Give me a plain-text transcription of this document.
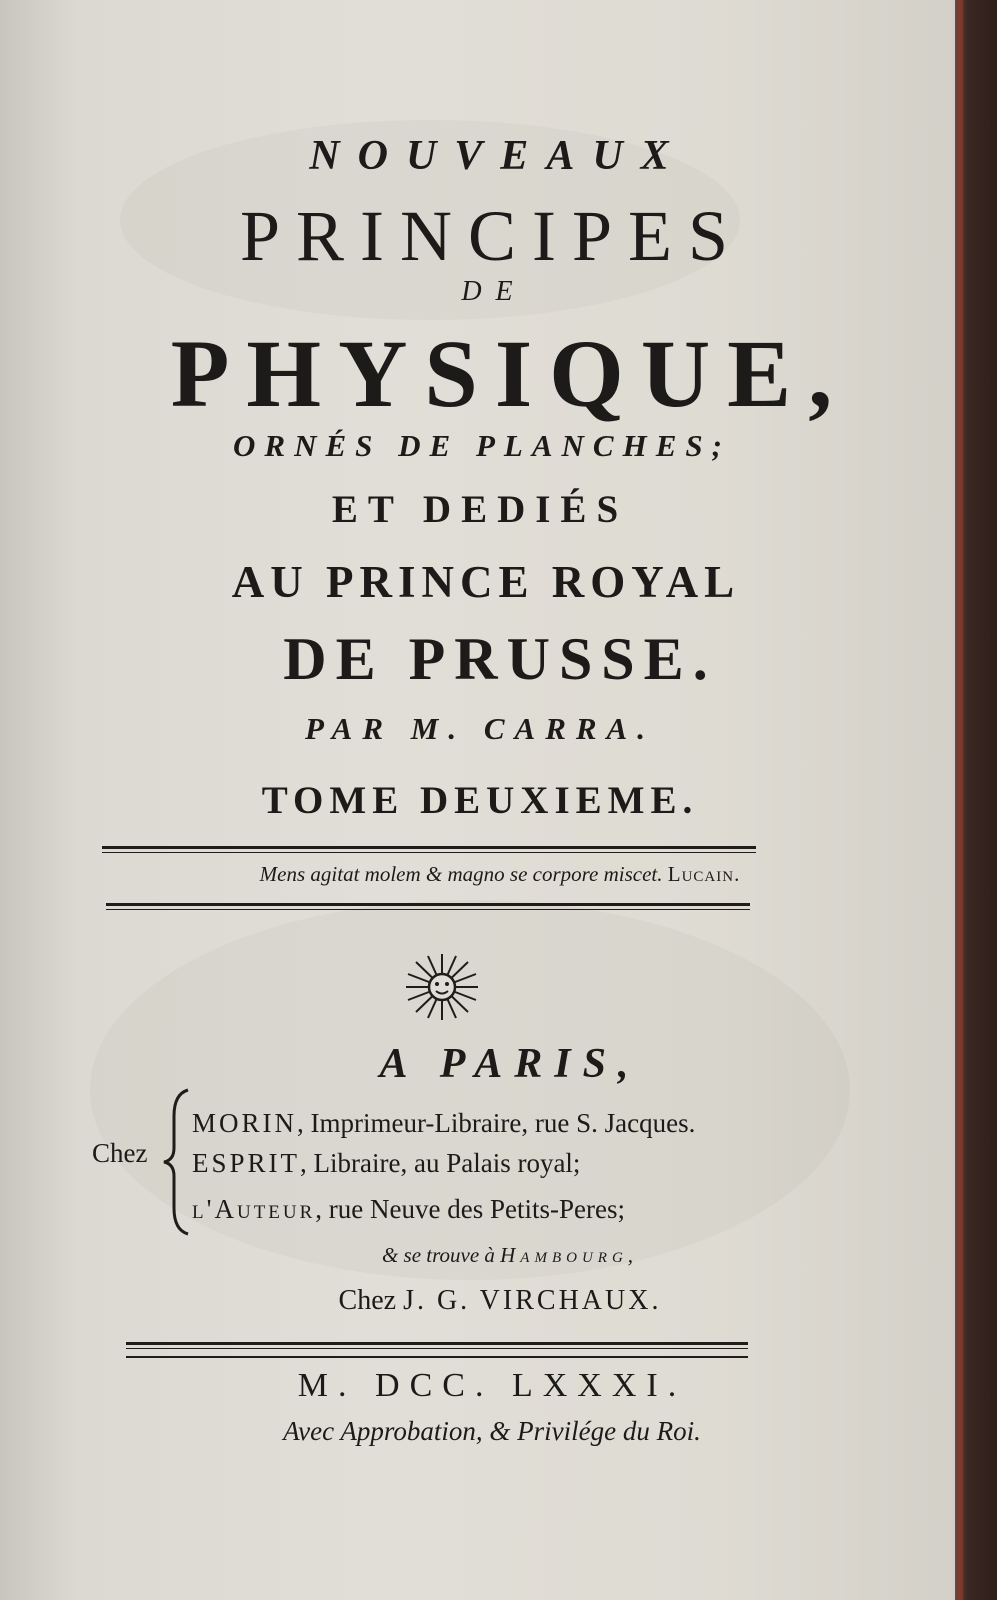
NOUVEAUX
PRINCIPES
DE
PHYSIQUE,
ORNÉS DE PLANCHES;
ET DEDIÉS
AU PRINCE ROYAL
DE PRUSSE.
PAR M. CARRA.
TOME DEUXIEME.
Mens agitat molem & magno se corpore miscet. Lucain.
A PARIS,
Chez
MORIN, Imprimeur-Libraire, rue S. Jacques.
ESPRIT, Libraire, au Palais royal;
l'Auteur, rue Neuve des Petits-Peres;
& se trouve à Hambourg,
Chez J. G. VIRCHAUX.
M. DCC. LXXXI.
Avec Approbation, & Privilége du Roi.
